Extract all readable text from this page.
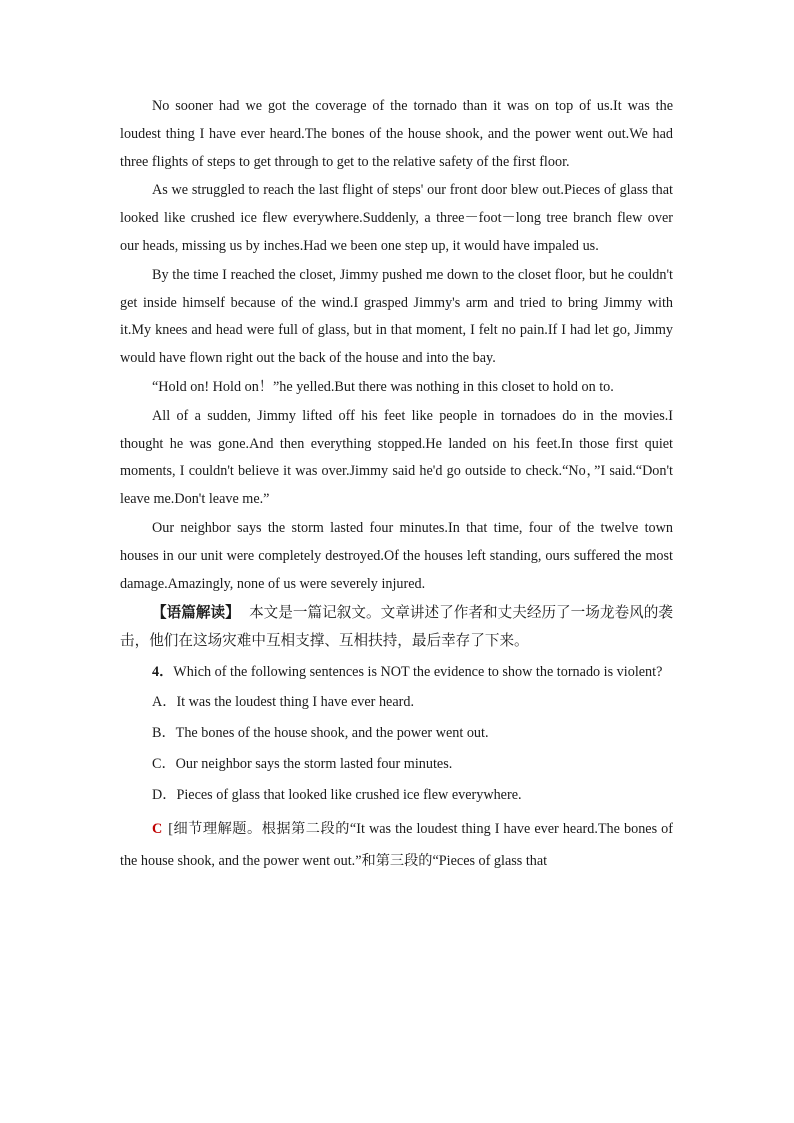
No sooner had we got the coverage of the tornado than it was on top of us.It was the loudest thing I have ever heard.The bones of the house shook, and the power went out.We had three flights of steps to get through to get to the relative safety of the first floor.

As we struggled to reach the last flight of steps' our front door blew out.Pieces of glass that looked like crushed ice flew everywhere.Suddenly, a three－foot－long tree branch flew over our heads, missing us by inches.Had we been one step up, it would have impaled us.

By the time I reached the closet, Jimmy pushed me down to the closet floor, but he couldn't get inside himself because of the wind.I grasped Jimmy's arm and tried to bring Jimmy with it.My knees and head were full of glass, but in that moment, I felt no pain.If I had let go, Jimmy would have flown right out the back of the house and into the bay.

“Hold on! Hold on！”he yelled.But there was nothing in this closet to hold on to.

All of a sudden, Jimmy lifted off his feet like people in tornadoes do in the movies.I thought he was gone.And then everything stopped.He landed on his feet.In those first quiet moments, I couldn't believe it was over.Jimmy said he'd go outside to check.“No，”I said.“Don't leave me.Don't leave me.”

Our neighbor says the storm lasted four minutes.In that time, four of the twelve town houses in our unit were completely destroyed.Of the houses left standing, ours suffered the most damage.Amazingly, none of us were severely injured.

【语篇解读】 本文是一篇记叙文。文章讲述了作者和丈夫经历了一场龙卷风的袭击，他们在这场灾难中互相支撑、互相扶持，最后幸存了下来。

4．Which of the following sentences is NOT the evidence to show the tornado is violent?

A．It was the loudest thing I have ever heard.

B．The bones of the house shook, and the power went out.

C．Our neighbor says the storm lasted four minutes.

D．Pieces of glass that looked like crushed ice flew everywhere.

C [细节理解题。根据第二段的“It was the loudest thing I have ever heard.The bones of the house shook, and the power went out.”和第三段的“Pieces of glass that
